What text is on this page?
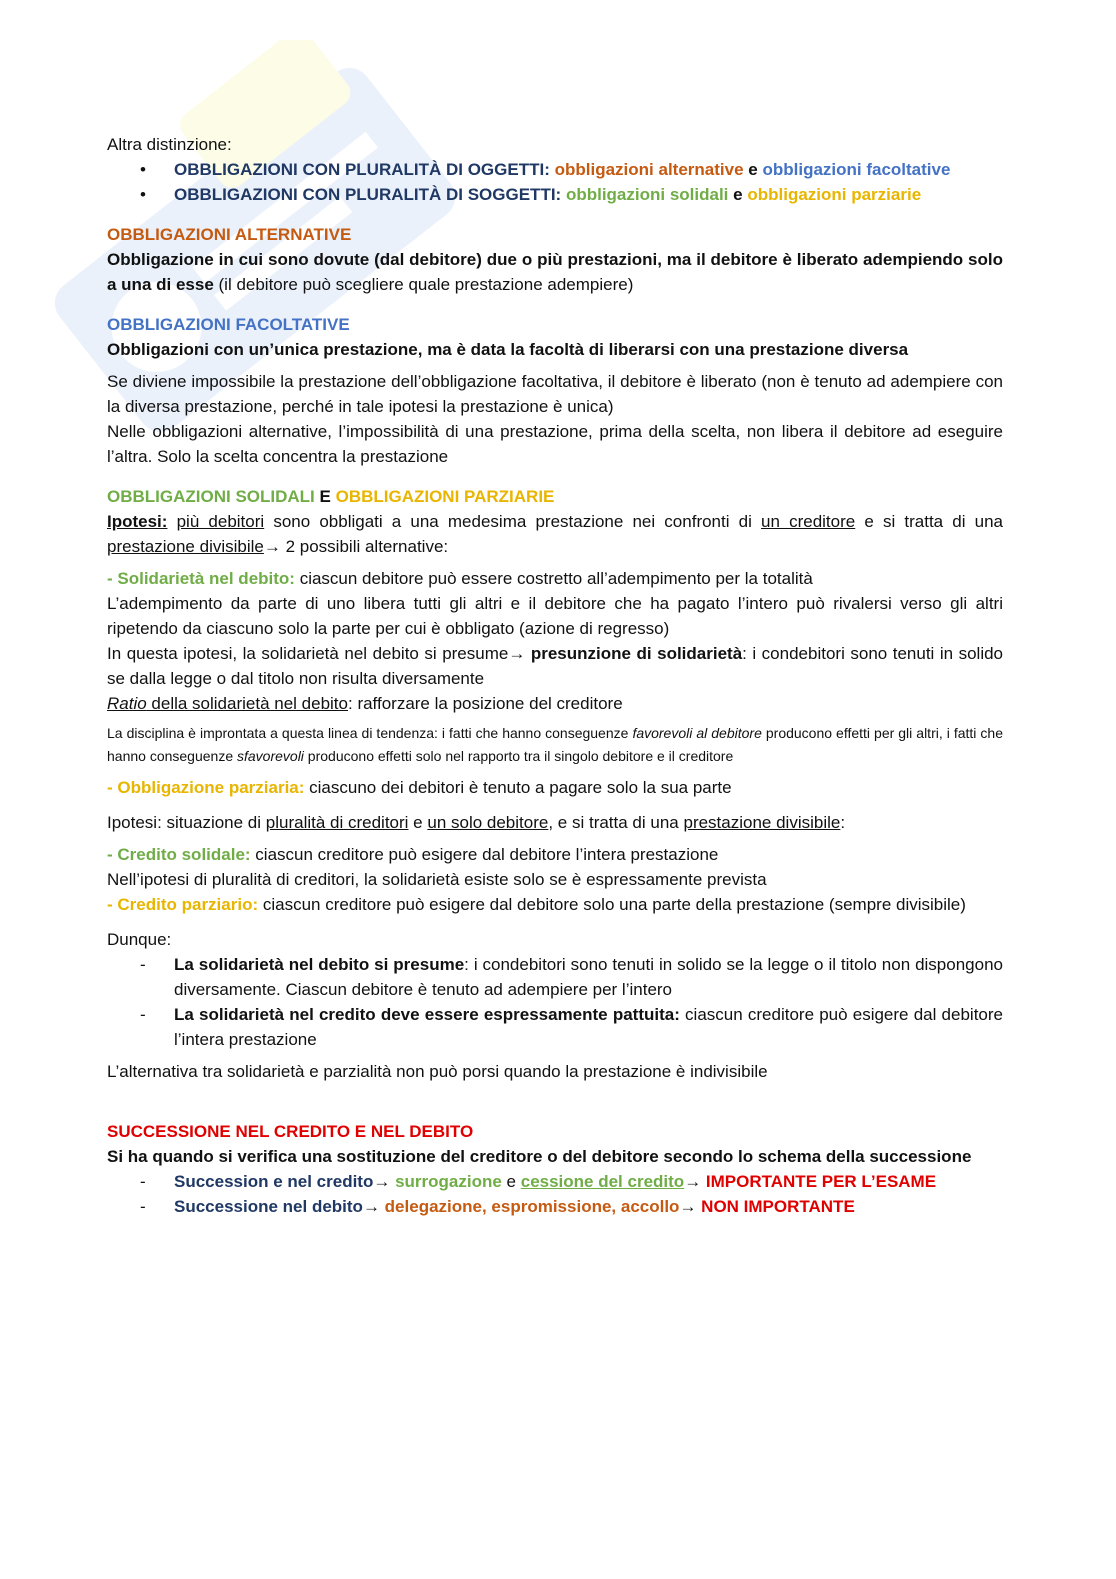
Altra distinzione:

• OBBLIGAZIONI CON PLURALITÀ DI OGGETTI: obbligazioni alternative e obbligazioni facoltative
• OBBLIGAZIONI CON PLURALITÀ DI SOGGETTI: obbligazioni solidali e obbligazioni parziarie

OBBLIGAZIONI ALTERNATIVE

Obbligazione in cui sono dovute (dal debitore) due o più prestazioni, ma il debitore è liberato adempiendo solo a una di esse (il debitore può scegliere quale prestazione adempiere)

OBBLIGAZIONI FACOLTATIVE

Obbligazioni con un’unica prestazione, ma è data la facoltà di liberarsi con una prestazione diversa

Se diviene impossibile la prestazione dell’obbligazione facoltativa, il debitore è liberato (non è tenuto ad adempiere con la diversa prestazione, perché in tale ipotesi la prestazione è unica)

Nelle obbligazioni alternative, l’impossibilità di una prestazione, prima della scelta, non libera il debitore ad eseguire l’altra. Solo la scelta concentra la prestazione

OBBLIGAZIONI SOLIDALI E OBBLIGAZIONI PARZIARIE

Ipotesi: più debitori sono obbligati a una medesima prestazione nei confronti di un creditore e si tratta di una prestazione divisibile→ 2 possibili alternative:

- Solidarietà nel debito: ciascun debitore può essere costretto all’adempimento per la totalità

L’adempimento da parte di uno libera tutti gli altri e il debitore che ha pagato l’intero può rivalersi verso gli altri ripetendo da ciascuno solo la parte per cui è obbligato (azione di regresso)

In questa ipotesi, la solidarietà nel debito si presume→ presunzione di solidarietà: i condebitori sono tenuti in solido se dalla legge o dal titolo non risulta diversamente

Ratio della solidarietà nel debito: rafforzare la posizione del creditore

La disciplina è improntata a questa linea di tendenza: i fatti che hanno conseguenze favorevoli al debitore producono effetti per gli altri, i fatti che hanno conseguenze sfavorevoli producono effetti solo nel rapporto tra il singolo debitore e il creditore

- Obbligazione parziaria: ciascuno dei debitori è tenuto a pagare solo la sua parte

Ipotesi: situazione di pluralità di creditori e un solo debitore, e si tratta di una prestazione divisibile:

- Credito solidale: ciascun creditore può esigere dal debitore l’intera prestazione

Nell’ipotesi di pluralità di creditori, la solidarietà esiste solo se è espressamente prevista

- Credito parziario: ciascun creditore può esigere dal debitore solo una parte della prestazione (sempre divisibile)

Dunque:

- La solidarietà nel debito si presume: i condebitori sono tenuti in solido se la legge o il titolo non dispongono diversamente. Ciascun debitore è tenuto ad adempiere per l’intero
- La solidarietà nel credito deve essere espressamente pattuita: ciascun creditore può esigere dal debitore l’intera prestazione

L’alternativa tra solidarietà e parzialità non può porsi quando la prestazione è indivisibile

SUCCESSIONE NEL CREDITO E NEL DEBITO

Si ha quando si verifica una sostituzione del creditore o del debitore secondo lo schema della successione

- Succession e nel credito→ surrogazione e cessione del credito→ IMPORTANTE PER L’ESAME
- Successione nel debito→ delegazione, espromissione, accollo→ NON IMPORTANTE
